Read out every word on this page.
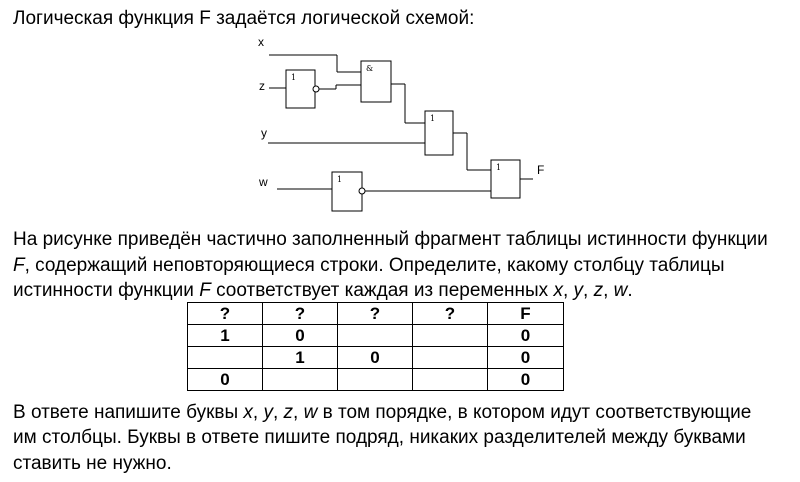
Логическая функция F задаётся логической схемой:
1
&
1
1
1
x
z
y
w
F
На рисунке приведён частично заполненный фрагмент таблицы истинности функции
F, содержащий неповторяющиеся строки. Определите, какому столбцу таблицы
истинности функции F соответствует каждая из переменных x, y, z, w.
?	?	?	?	F
1	0			0
	1	0		0
0				0
В ответе напишите буквы x, y, z, w в том порядке, в котором идут соответствующие
им столбцы. Буквы в ответе пишите подряд, никаких разделителей между буквами
ставить не нужно.
